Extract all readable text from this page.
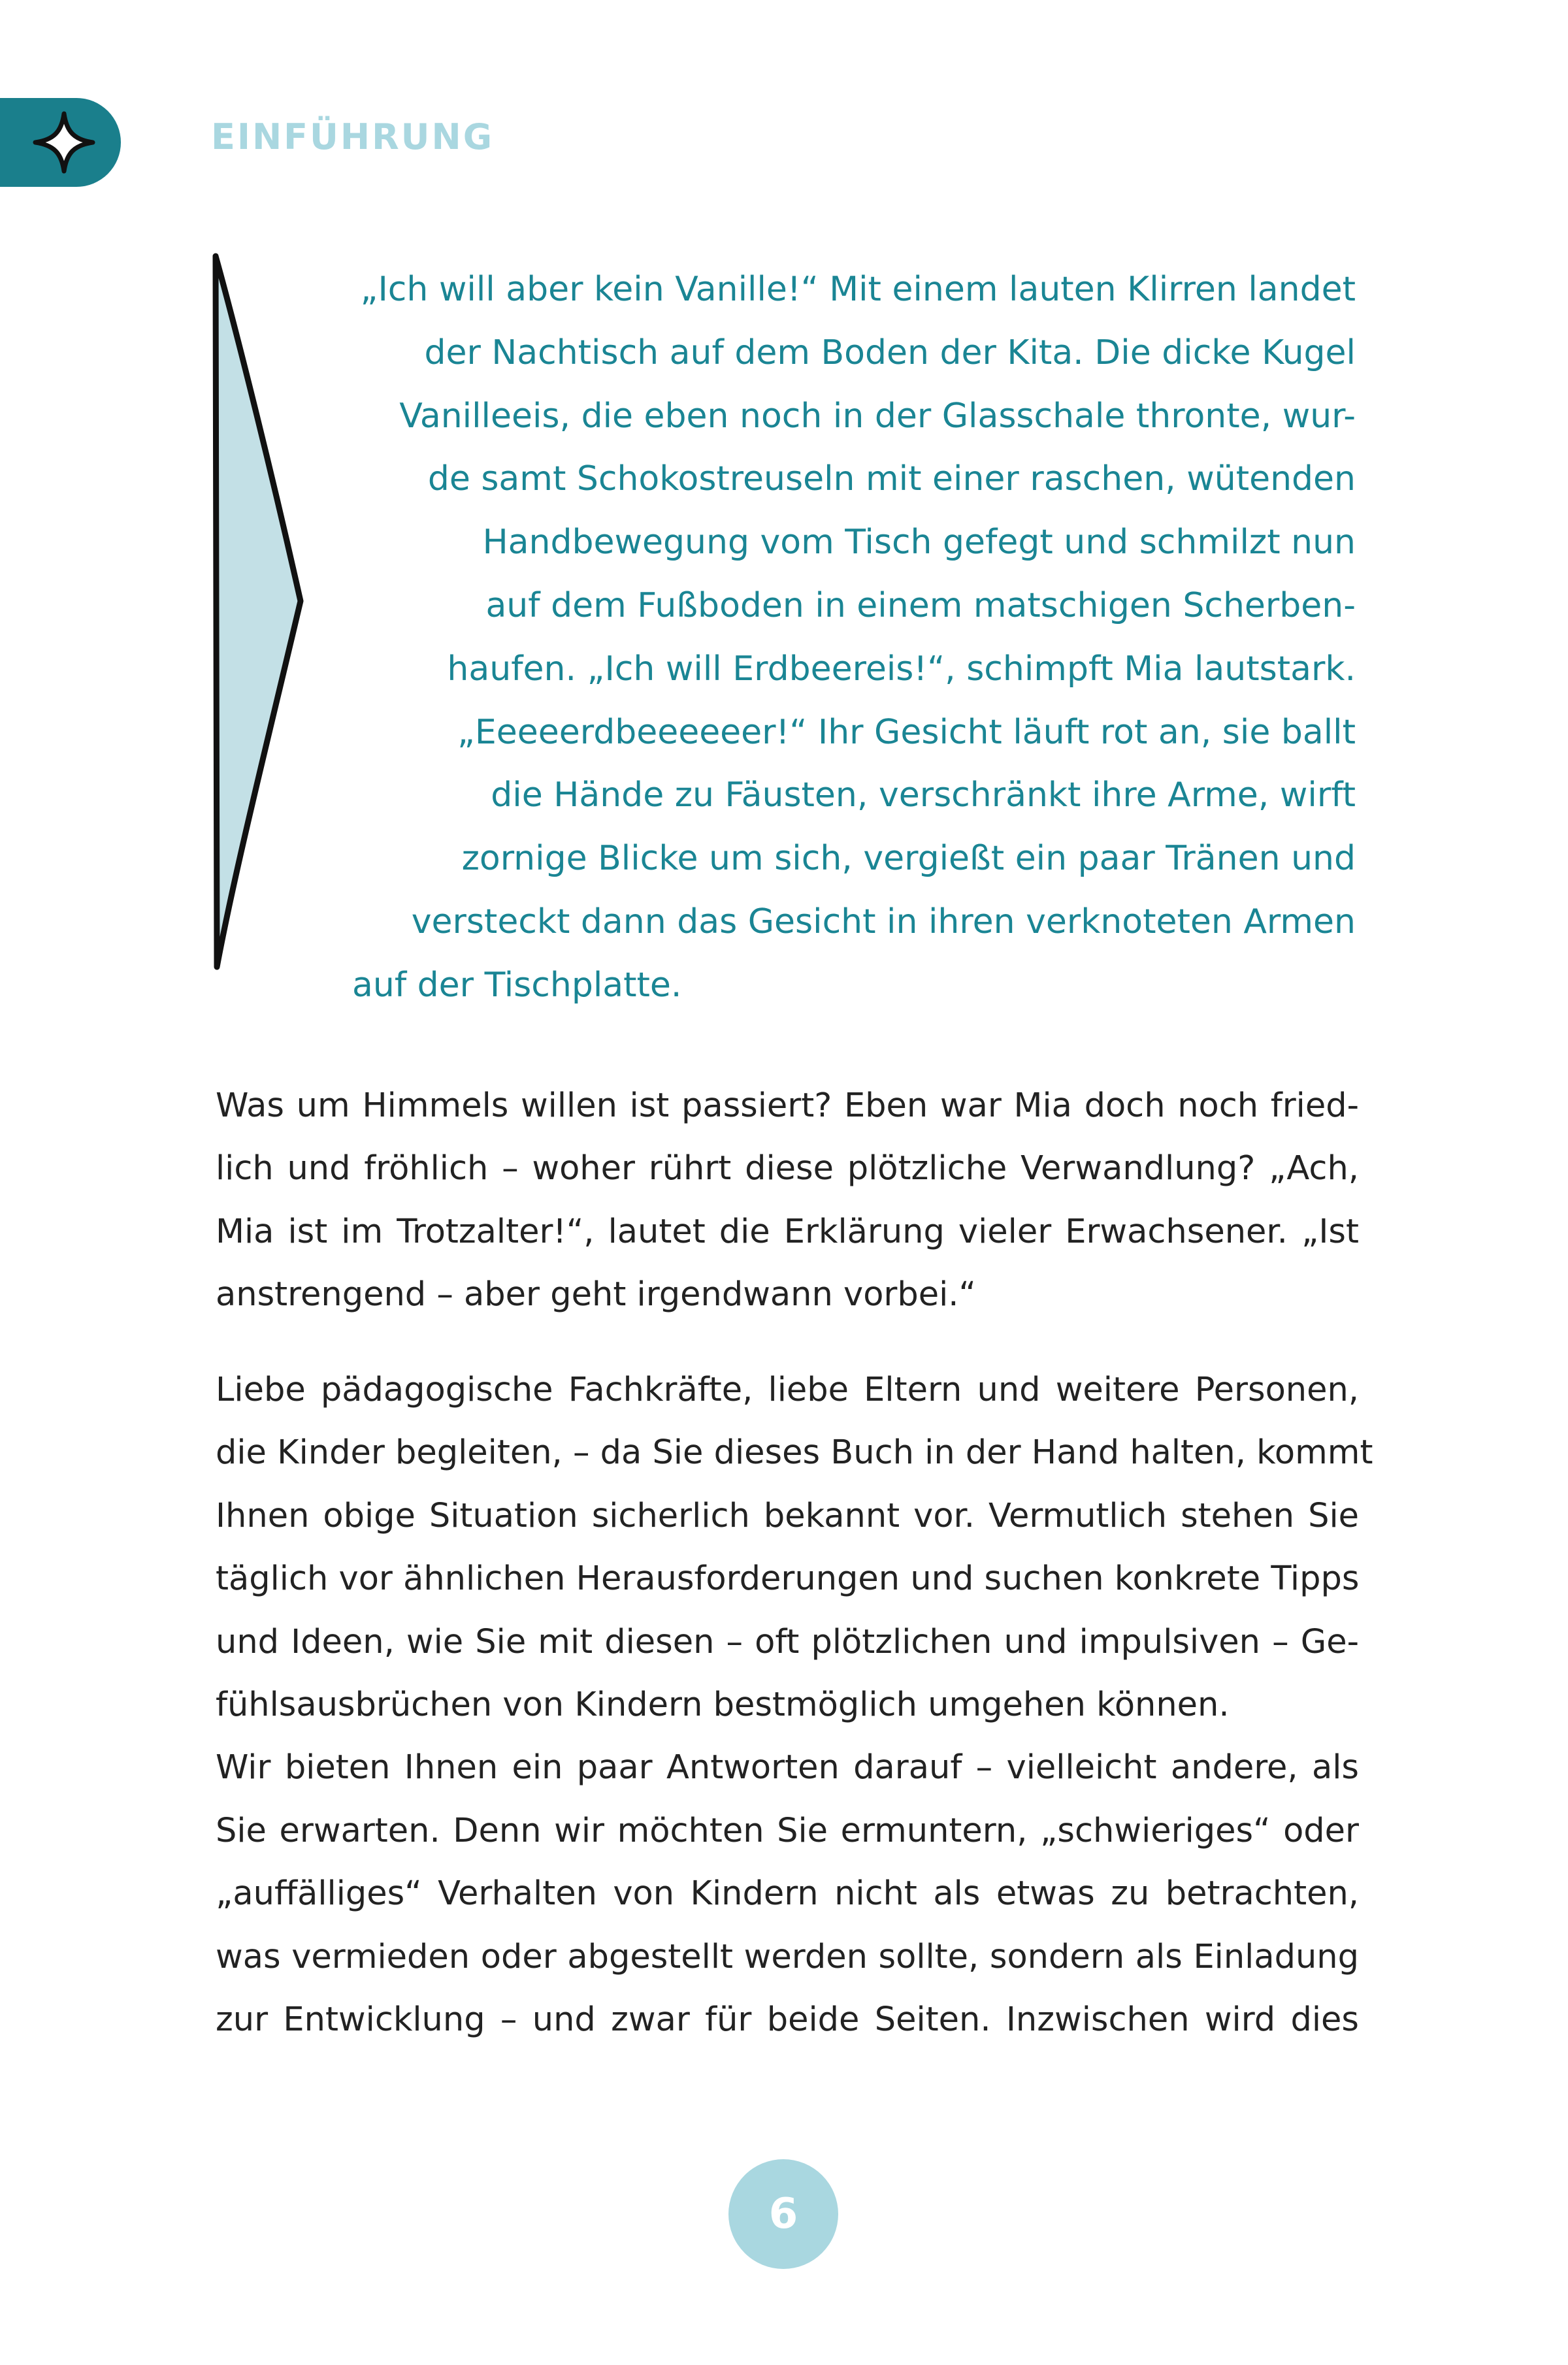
EINFÜHRUNG
„Ich will aber kein Vanille!“ Mit einem lauten Klirren landet
der Nachtisch auf dem Boden der Kita. Die dicke Kugel
Vanilleeis, die eben noch in der Glasschale thronte, wur-
de samt Schokostreuseln mit einer raschen, wütenden
Handbewegung vom Tisch gefegt und schmilzt nun
auf dem Fußboden in einem matschigen Scherben-
haufen. „Ich will Erdbeereis!“, schimpft Mia lautstark.
„Eeeeerdbeeeeeer!“ Ihr Gesicht läuft rot an, sie ballt
die Hände zu Fäusten, verschränkt ihre Arme, wirft
zornige Blicke um sich, vergießt ein paar Tränen und
versteckt dann das Gesicht in ihren verknoteten Armen
auf der Tischplatte.
Was um Himmels willen ist passiert? Eben war Mia doch noch fried-
lich und fröhlich – woher rührt diese plötzliche Verwandlung? „Ach,
Mia ist im Trotzalter!“, lautet die Erklärung vieler Erwachsener. „Ist
anstrengend – aber geht irgendwann vorbei.“
Liebe pädagogische Fachkräfte, liebe Eltern und weitere Personen,
die Kinder begleiten, – da Sie dieses Buch in der Hand halten, kommt
Ihnen obige Situation sicherlich bekannt vor. Vermutlich stehen Sie
täglich vor ähnlichen Herausforderungen und suchen konkrete Tipps
und Ideen, wie Sie mit diesen – oft plötzlichen und impulsiven – Ge-
fühlsausbrüchen von Kindern bestmöglich umgehen können.
Wir bieten Ihnen ein paar Antworten darauf – vielleicht andere, als
Sie erwarten. Denn wir möchten Sie ermuntern, „schwieriges“ oder
„auffälliges“ Verhalten von Kindern nicht als etwas zu betrachten,
was vermieden oder abgestellt werden sollte, sondern als Einladung
zur Entwicklung – und zwar für beide Seiten. Inzwischen wird dies
6
